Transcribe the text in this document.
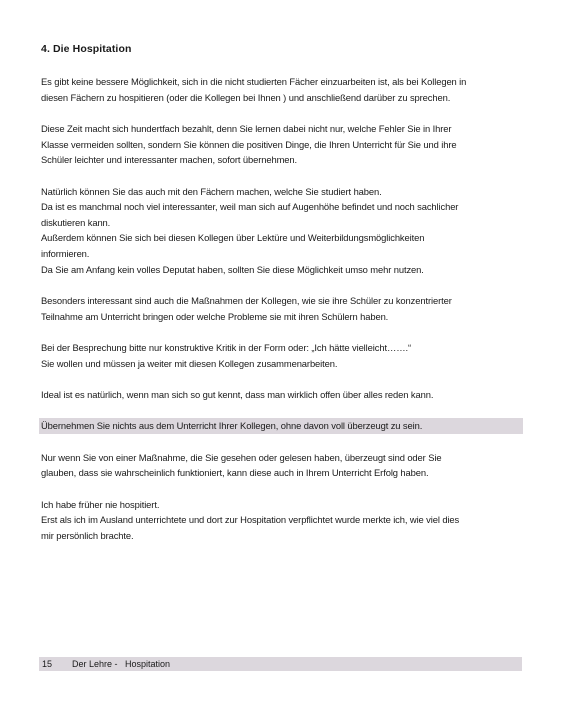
4. Die Hospitation
Es gibt keine bessere Möglichkeit, sich in die nicht studierten Fächer einzuarbeiten ist, als bei Kollegen in
diesen Fächern zu hospitieren (oder die Kollegen bei Ihnen ) und anschließend darüber zu sprechen.
Diese Zeit macht sich hundertfach bezahlt, denn Sie lernen dabei nicht nur, welche Fehler Sie in Ihrer
Klasse vermeiden sollten, sondern Sie können die positiven Dinge, die Ihren Unterricht für Sie und ihre
Schüler leichter und interessanter machen, sofort übernehmen.
Natürlich können Sie das auch mit den Fächern machen, welche Sie studiert haben.
Da ist es manchmal noch viel interessanter, weil man sich auf Augenhöhe befindet und noch sachlicher
diskutieren kann.
Außerdem können Sie sich bei diesen Kollegen über Lektüre und Weiterbildungsmöglichkeiten
informieren.
Da Sie am Anfang kein volles Deputat haben, sollten Sie diese Möglichkeit umso mehr nutzen.
Besonders interessant sind auch die Maßnahmen der Kollegen, wie sie ihre Schüler zu konzentrierter
Teilnahme am Unterricht bringen oder welche Probleme sie mit ihren Schülern haben.
Bei der Besprechung bitte nur konstruktive Kritik in der Form oder: „Ich hätte vielleicht…….“
Sie wollen und müssen ja weiter mit diesen Kollegen zusammenarbeiten.
Ideal ist es natürlich, wenn man sich so gut kennt, dass man wirklich offen über alles reden kann.
Übernehmen Sie nichts aus dem Unterricht Ihrer Kollegen, ohne davon voll überzeugt zu sein.
Nur wenn Sie von einer Maßnahme, die Sie gesehen oder gelesen haben, überzeugt sind oder Sie
glauben, dass sie wahrscheinlich funktioniert, kann diese auch in Ihrem Unterricht Erfolg haben.
Ich habe früher nie hospitiert.
Erst als ich im Ausland unterrichtete und dort zur Hospitation verpflichtet wurde merkte ich, wie viel dies
mir persönlich brachte.
15 Der Lehre -   Hospitation
